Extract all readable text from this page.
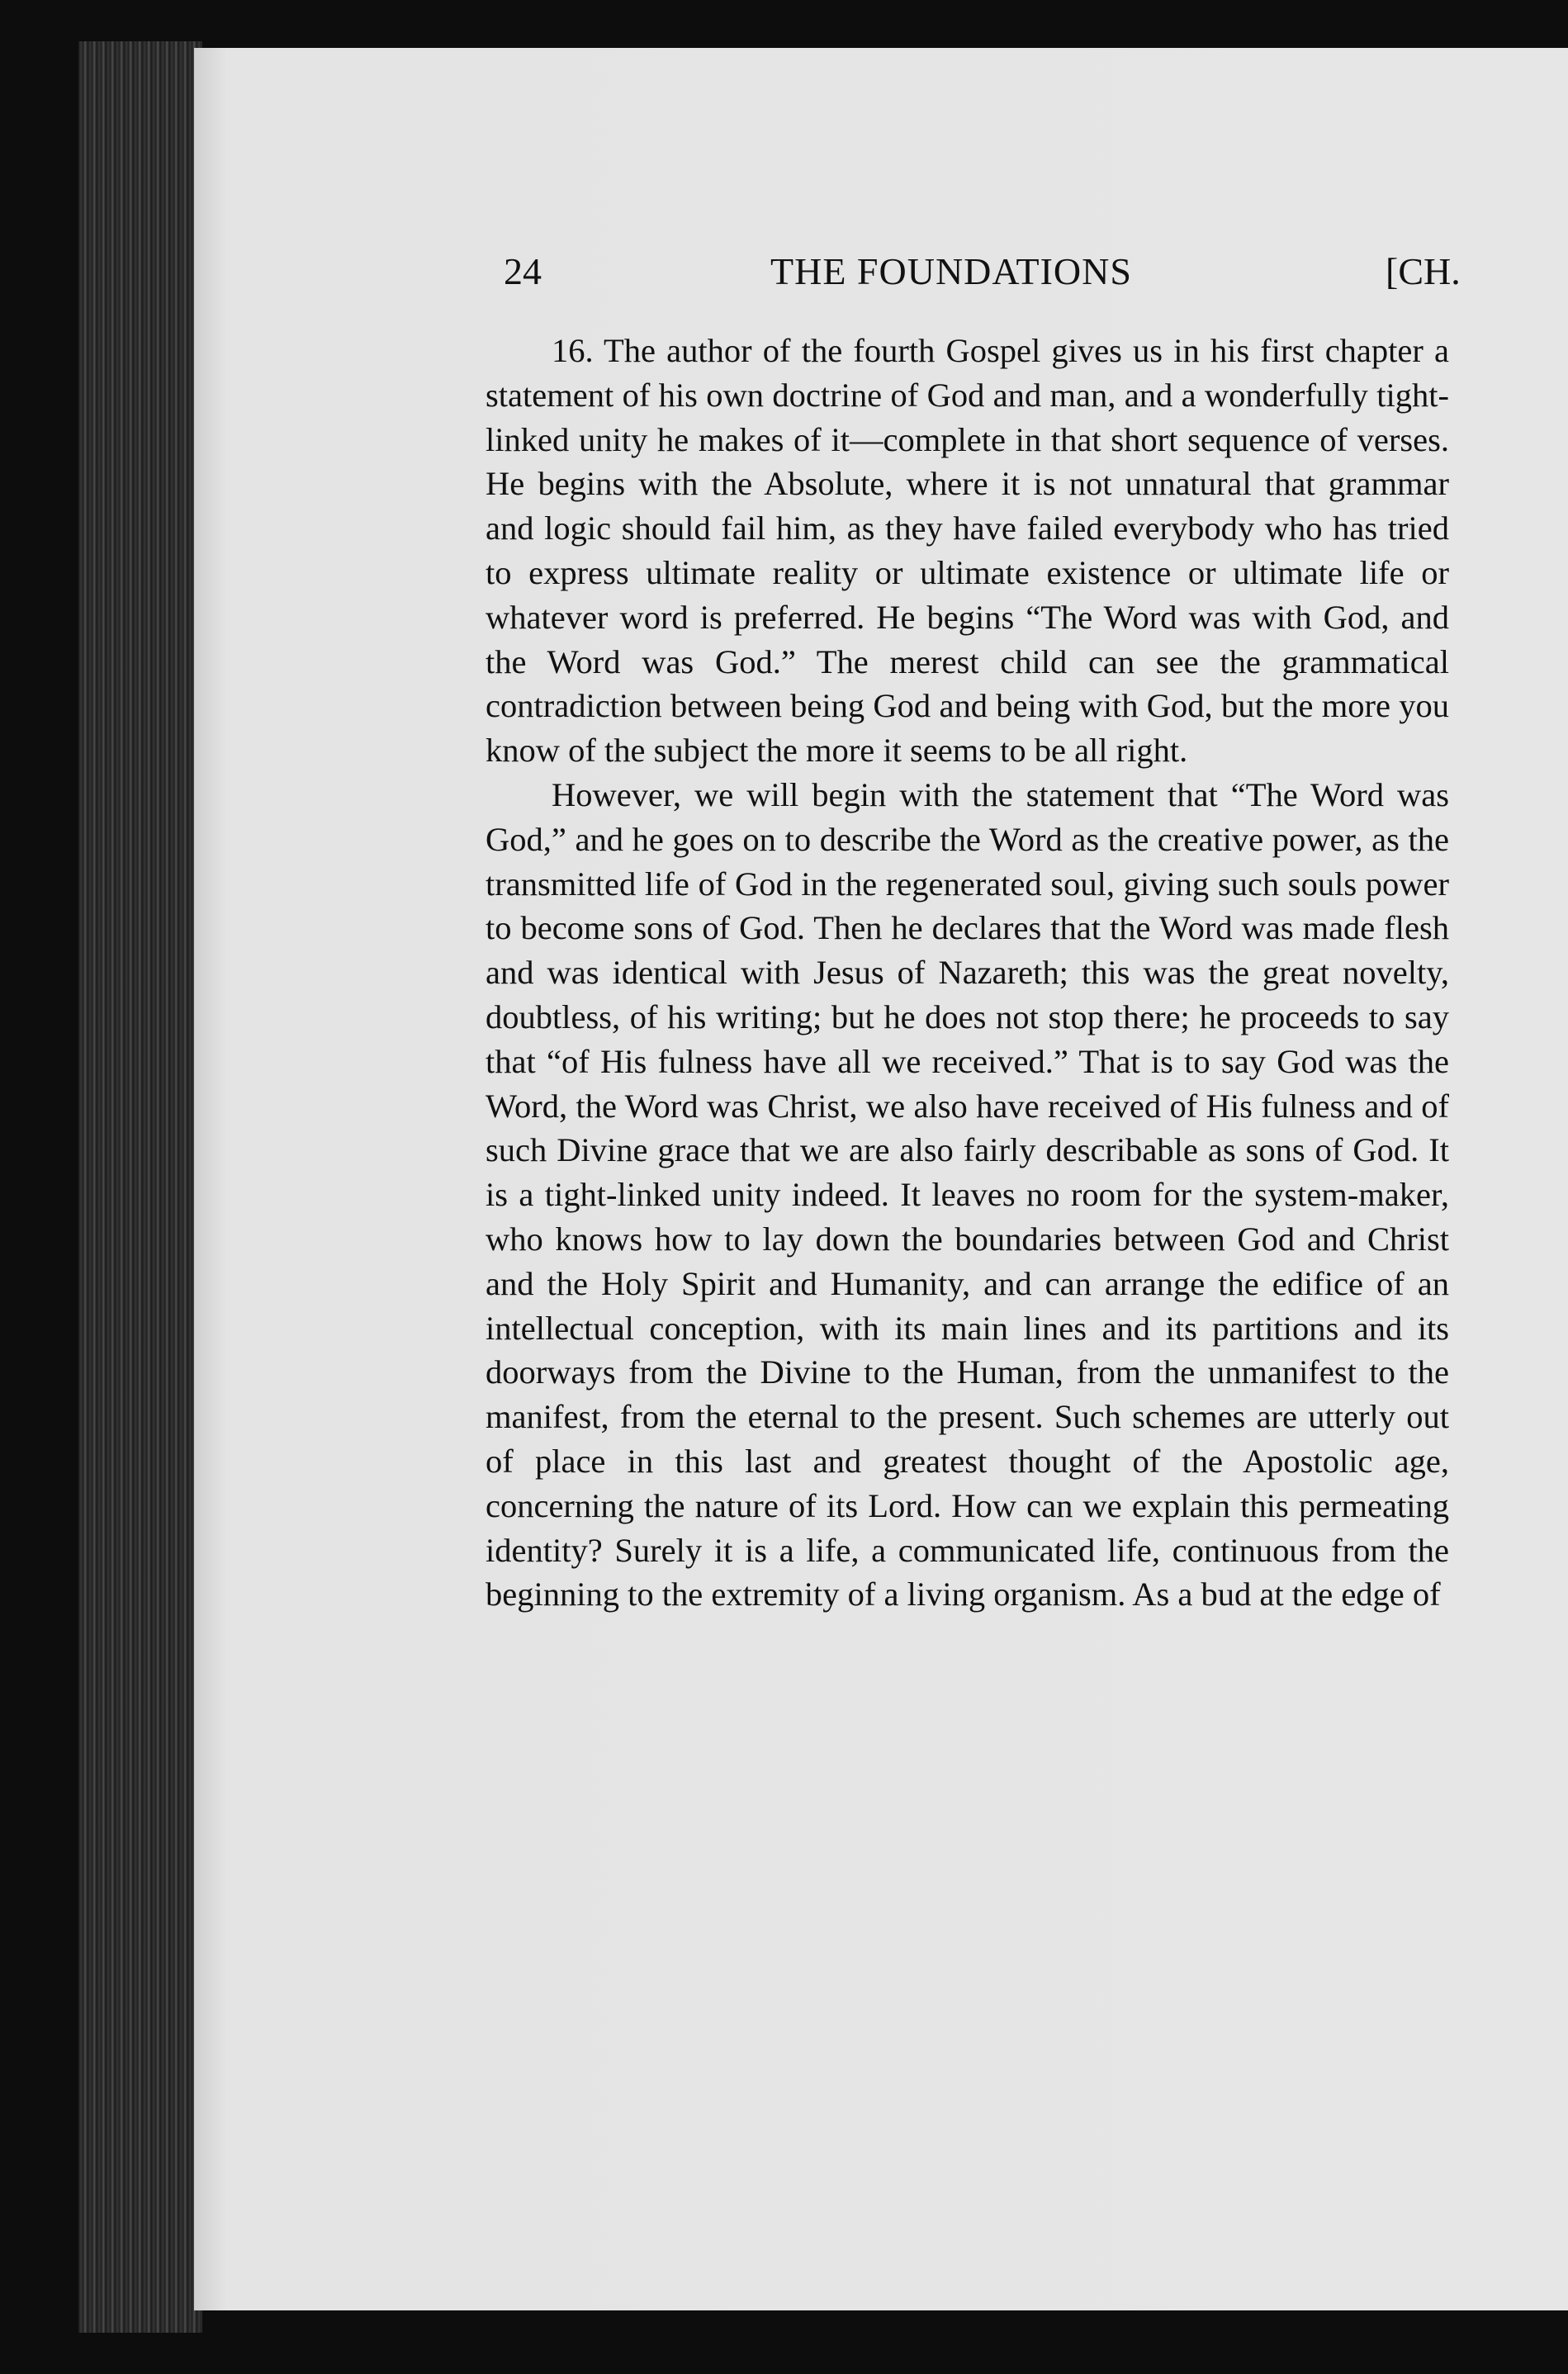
24	THE FOUNDATIONS	[CH.

16. The author of the fourth Gospel gives us in his first chapter a statement of his own doctrine of God and man, and a wonderfully tight-linked unity he makes of it—complete in that short sequence of verses. He begins with the Absolute, where it is not unnatural that grammar and logic should fail him, as they have failed everybody who has tried to express ultimate reality or ultimate existence or ultimate life or whatever word is preferred. He begins “The Word was with God, and the Word was God.” The merest child can see the grammatical contradiction between being God and being with God, but the more you know of the subject the more it seems to be all right.

However, we will begin with the statement that “The Word was God,” and he goes on to describe the Word as the creative power, as the transmitted life of God in the regenerated soul, giving such souls power to become sons of God. Then he declares that the Word was made flesh and was identical with Jesus of Nazareth; this was the great novelty, doubtless, of his writing; but he does not stop there; he proceeds to say that “of His fulness have all we received.” That is to say God was the Word, the Word was Christ, we also have received of His fulness and of such Divine grace that we are also fairly describable as sons of God. It is a tight-linked unity indeed. It leaves no room for the system-maker, who knows how to lay down the boundaries between God and Christ and the Holy Spirit and Humanity, and can arrange the edifice of an intellectual conception, with its main lines and its partitions and its doorways from the Divine to the Human, from the unmanifest to the manifest, from the eternal to the present. Such schemes are utterly out of place in this last and greatest thought of the Apostolic age, concerning the nature of its Lord. How can we explain this permeating identity? Surely it is a life, a communicated life, continuous from the beginning to the extremity of a living organism. As a bud at the edge of
